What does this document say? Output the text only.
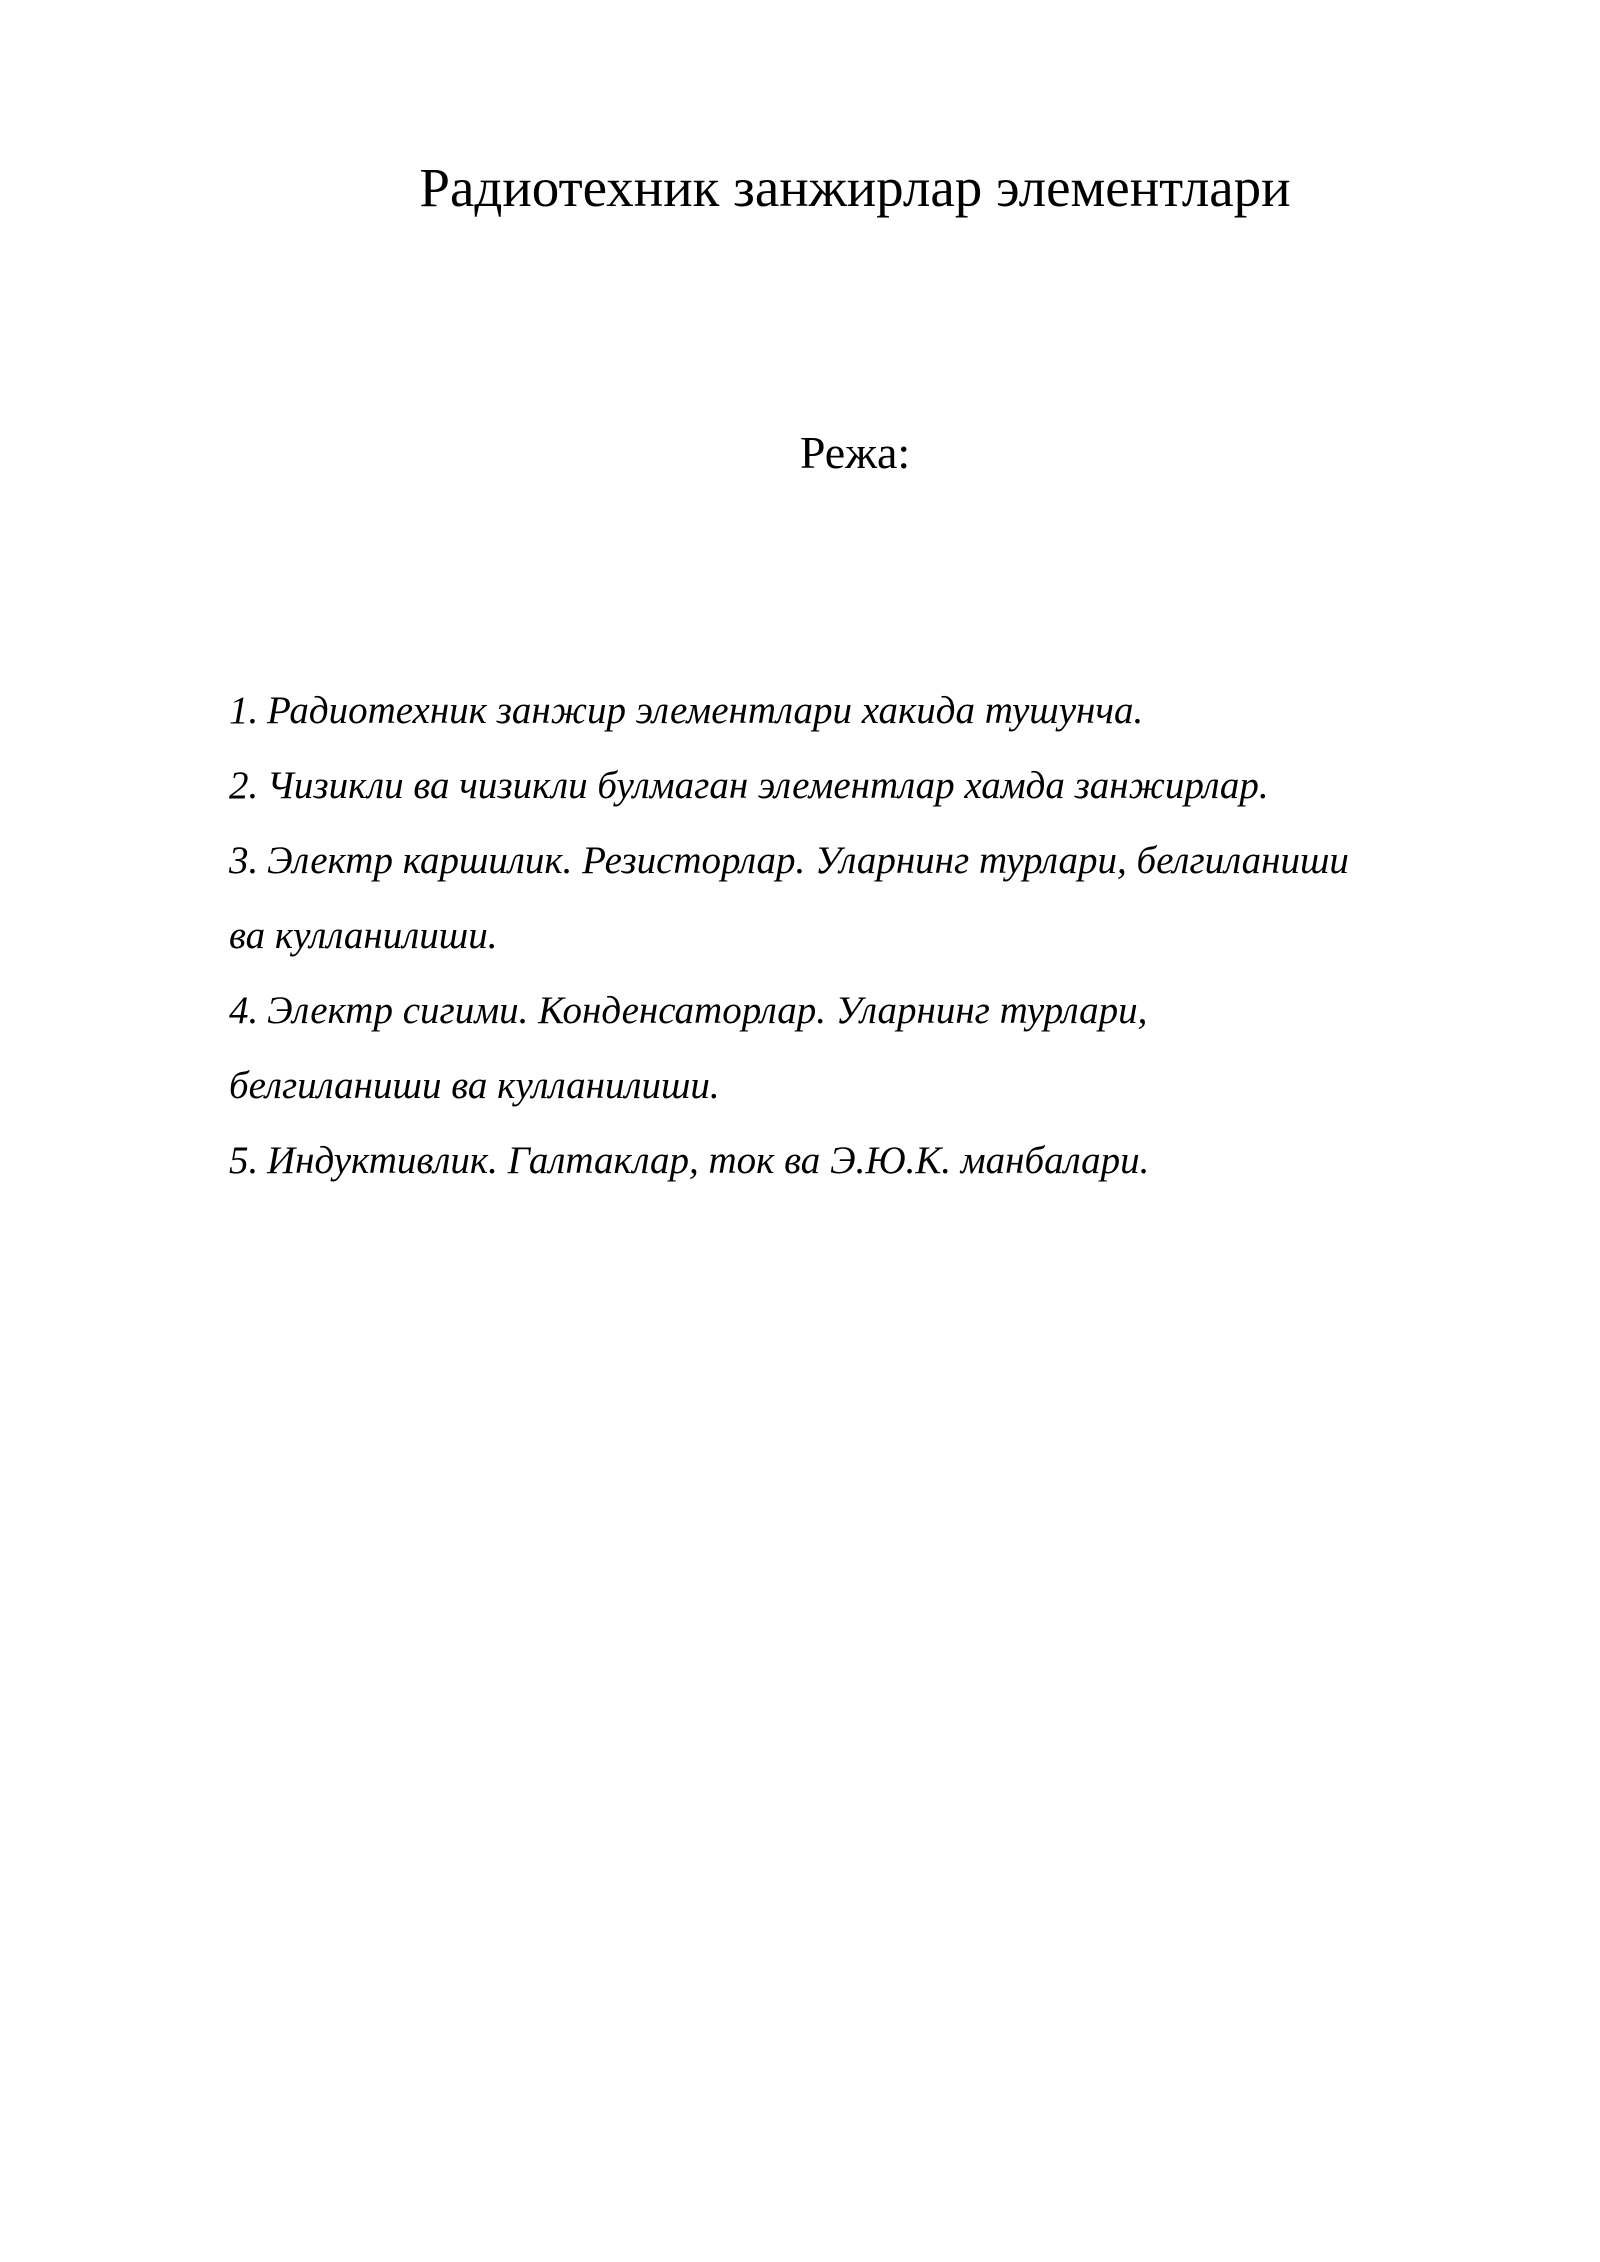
Радиотехник занжирлар элементлари
Режа:
1. Радиотехник занжир элементлари хакида тушунча.
2. Чизикли ва чизикли булмаган элементлар хамда занжирлар.
3. Электр каршилик. Резисторлар. Уларнинг турлари, белгиланиши
ва кулланилиши.
4. Электр сигими. Конденсаторлар. Уларнинг турлари,
белгиланиши ва кулланилиши.
5. Индуктивлик. Галтаклар, ток ва Э.Ю.К. манбалари.
